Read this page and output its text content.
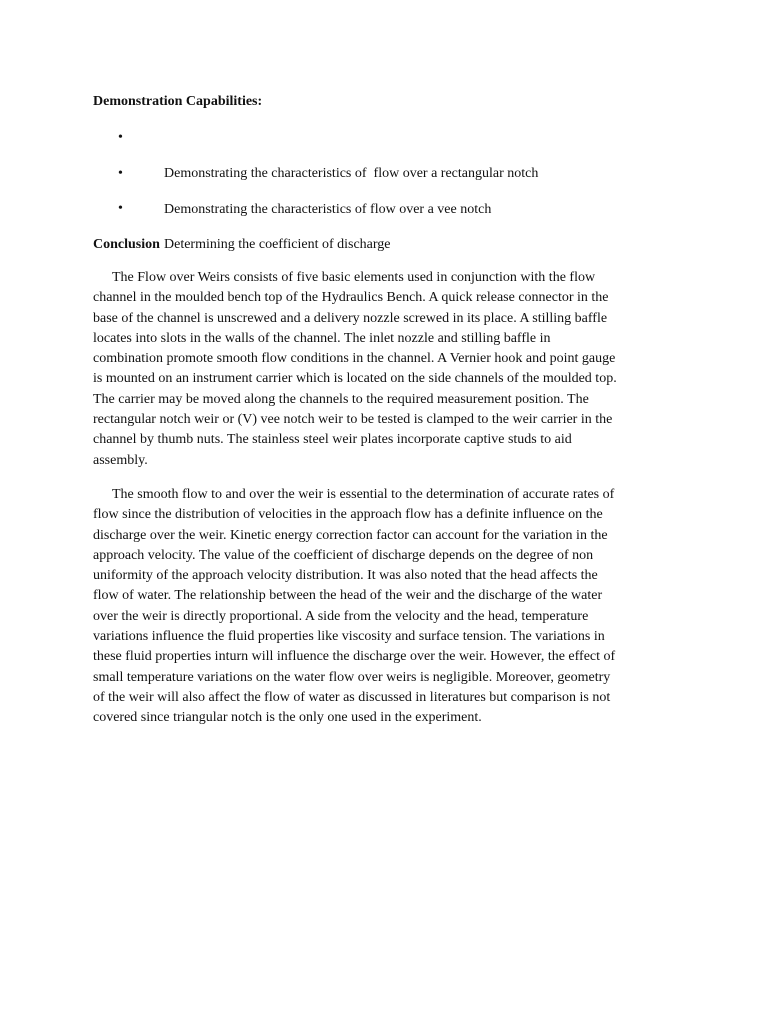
Demonstration Capabilities:

•

Demonstrating the characteristics of  flow over a rectangular notch

•

Demonstrating the characteristics of flow over a vee notch

•

Determining the coefficient of discharge

Conclusion

The Flow over Weirs consists of five basic elements used in conjunction with the flow
channel in the moulded bench top of the Hydraulics Bench. A quick release connector in the
base of the channel is unscrewed and a delivery nozzle screwed in its place. A stilling baffle
locates into slots in the walls of the channel. The inlet nozzle and stilling baffle in
combination promote smooth flow conditions in the channel. A Vernier hook and point gauge
is mounted on an instrument carrier which is located on the side channels of the moulded top.
The carrier may be moved along the channels to the required measurement position. The
rectangular notch weir or (V) vee notch weir to be tested is clamped to the weir carrier in the
channel by thumb nuts. The stainless steel weir plates incorporate captive studs to aid
assembly.
The smooth flow to and over the weir is essential to the determination of accurate rates of
flow since the distribution of velocities in the approach flow has a definite influence on the
discharge over the weir. Kinetic energy correction factor can account for the variation in the
approach velocity. The value of the coefficient of discharge depends on the degree of non
uniformity of the approach velocity distribution. It was also noted that the head affects the
flow of water. The relationship between the head of the weir and the discharge of the water
over the weir is directly proportional. A side from the velocity and the head, temperature
variations influence the fluid properties like viscosity and surface tension. The variations in
these fluid properties inturn will influence the discharge over the weir. However, the effect of
small temperature variations on the water flow over weirs is negligible. Moreover, geometry
of the weir will also affect the flow of water as discussed in literatures but comparison is not
covered since triangular notch is the only one used in the experiment.
